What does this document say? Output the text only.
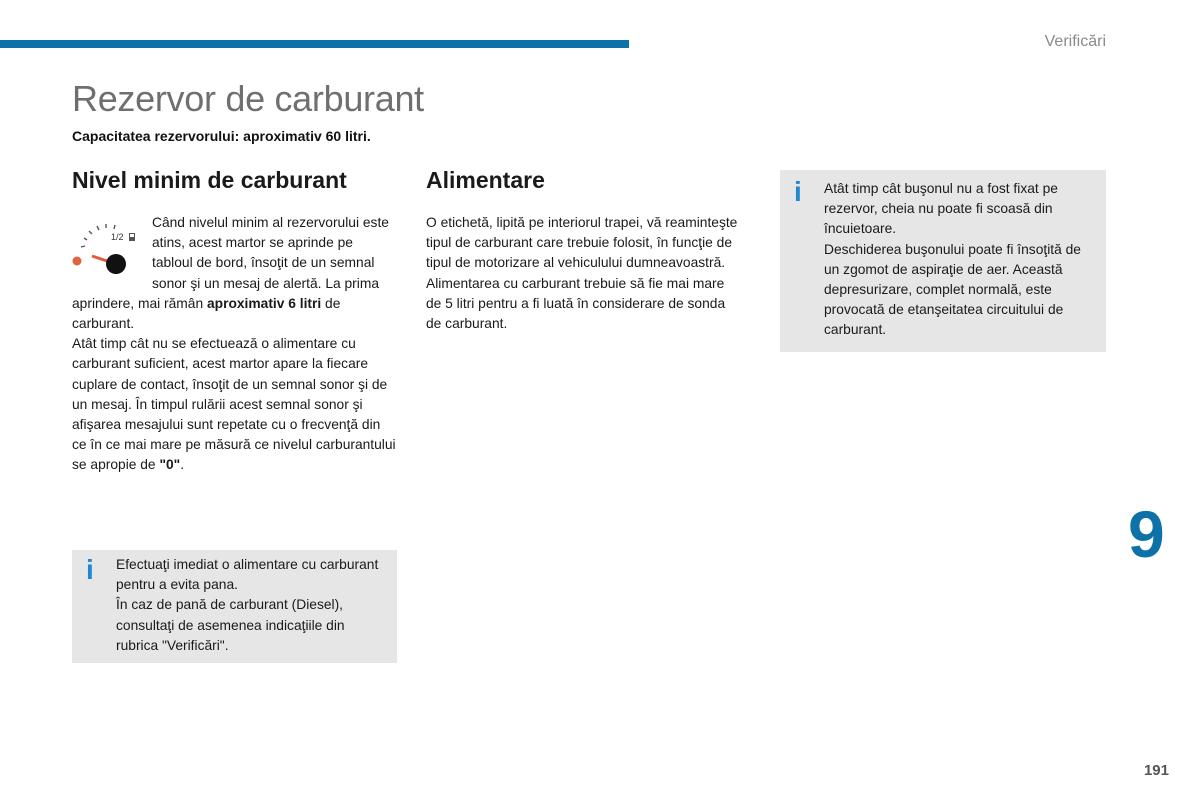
Verificări
Rezervor de carburant
Capacitatea rezervorului: aproximativ 60 litri.
Nivel minim de carburant	Alimentare
1/2

Când nivelul minim al rezervorului este atins, acest martor se aprinde pe tabloul de bord, însoţit de un semnal sonor şi un mesaj de alertă. La prima aprindere, mai rămân aproximativ 6 litri de carburant.

Atât timp cât nu se efectuează o alimentare cu carburant suficient, acest martor apare la fiecare cuplare de contact, însoţit de un semnal sonor şi de un mesaj. În timpul rulării acest semnal sonor şi afişarea mesajului sunt repetate cu o frecvenţă din ce în ce mai mare pe măsură ce nivelul carburantului se apropie de "0".

O etichetă, lipită pe interiorul trapei, vă reaminteşte tipul de carburant care trebuie folosit, în funcţie de tipul de motorizare al vehiculului dumneavoastră.

Alimentarea cu carburant trebuie să fie mai mare de 5 litri pentru a fi luată în considerare de sonda de carburant.

i Atât timp cât buşonul nu a fost fixat pe rezervor, cheia nu poate fi scoasă din încuietoare.

Deschiderea buşonului poate fi însoţită de un zgomot de aspiraţie de aer. Această depresurizare, complet normală, este provocată de etanşeitatea circuitului de carburant.

i Efectuaţi imediat o alimentare cu carburant pentru a evita pana.

În caz de pană de carburant (Diesel), consultaţi de asemenea indicaţiile din rubrica "Verificări".

9
191
